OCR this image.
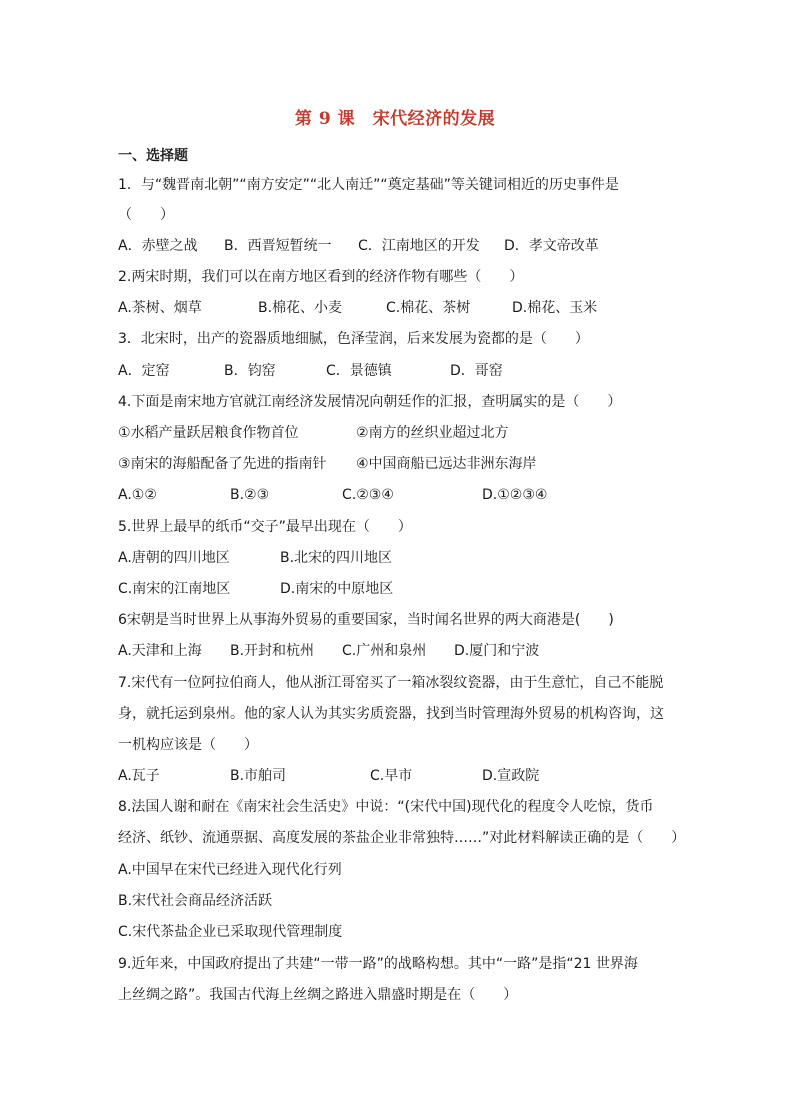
第 9 课　宋代经济的发展
一、选择题
1．与“魏晋南北朝”“南方安定”“北人南迁”“奠定基础”等关键词相近的历史事件是
（　　）
A．赤壁之战 B．西晋短暂统一 C．江南地区的开发 D．孝文帝改革
2.两宋时期，我们可以在南方地区看到的经济作物有哪些（　　）
A.茶树、烟草	B.棉花、小麦	C.棉花、茶树	D.棉花、玉米
3．北宋时，出产的瓷器质地细腻，色泽莹润，后来发展为瓷都的是（　　）
A．定窑	B．钧窑	C．景德镇	D．哥窑
4.下面是南宋地方官就江南经济发展情况向朝廷作的汇报，查明属实的是（　　）
①水稻产量跃居粮食作物首位	②南方的丝织业超过北方
③南宋的海船配备了先进的指南针 ④中国商船已远达非洲东海岸
A.①②	B.②③	C.②③④	D.①②③④
5.世界上最早的纸币“交子”最早出现在（　　）
A.唐朝的四川地区	B.北宋的四川地区
C.南宋的江南地区	D.南宋的中原地区
6宋朝是当时世界上从事海外贸易的重要国家，当时闻名世界的两大商港是(　　)
A.天津和上海 B.开封和杭州 C.广州和泉州 D.厦门和宁波
7.宋代有一位阿拉伯商人，他从浙江哥窑买了一箱冰裂纹瓷器，由于生意忙，自己不能脱
身，就托运到泉州。他的家人认为其实劣质瓷器，找到当时管理海外贸易的机构咨询，这
一机构应该是（　　）
A.瓦子	B.市舶司	C.早市	D.宣政院
8.法国人谢和耐在《南宋社会生活史》中说：“(宋代中国)现代化的程度令人吃惊，货币
经济、纸钞、流通票据、高度发展的茶盐企业非常独特……”对此材料解读正确的是（　　）
A.中国早在宋代已经进入现代化行列
B.宋代社会商品经济活跃
C.宋代茶盐企业已采取现代管理制度
9.近年来，中国政府提出了共建“一带一路”的战略构想。其中“一路”是指“21 世界海
上丝绸之路”。我国古代海上丝绸之路进入鼎盛时期是在（　　）
